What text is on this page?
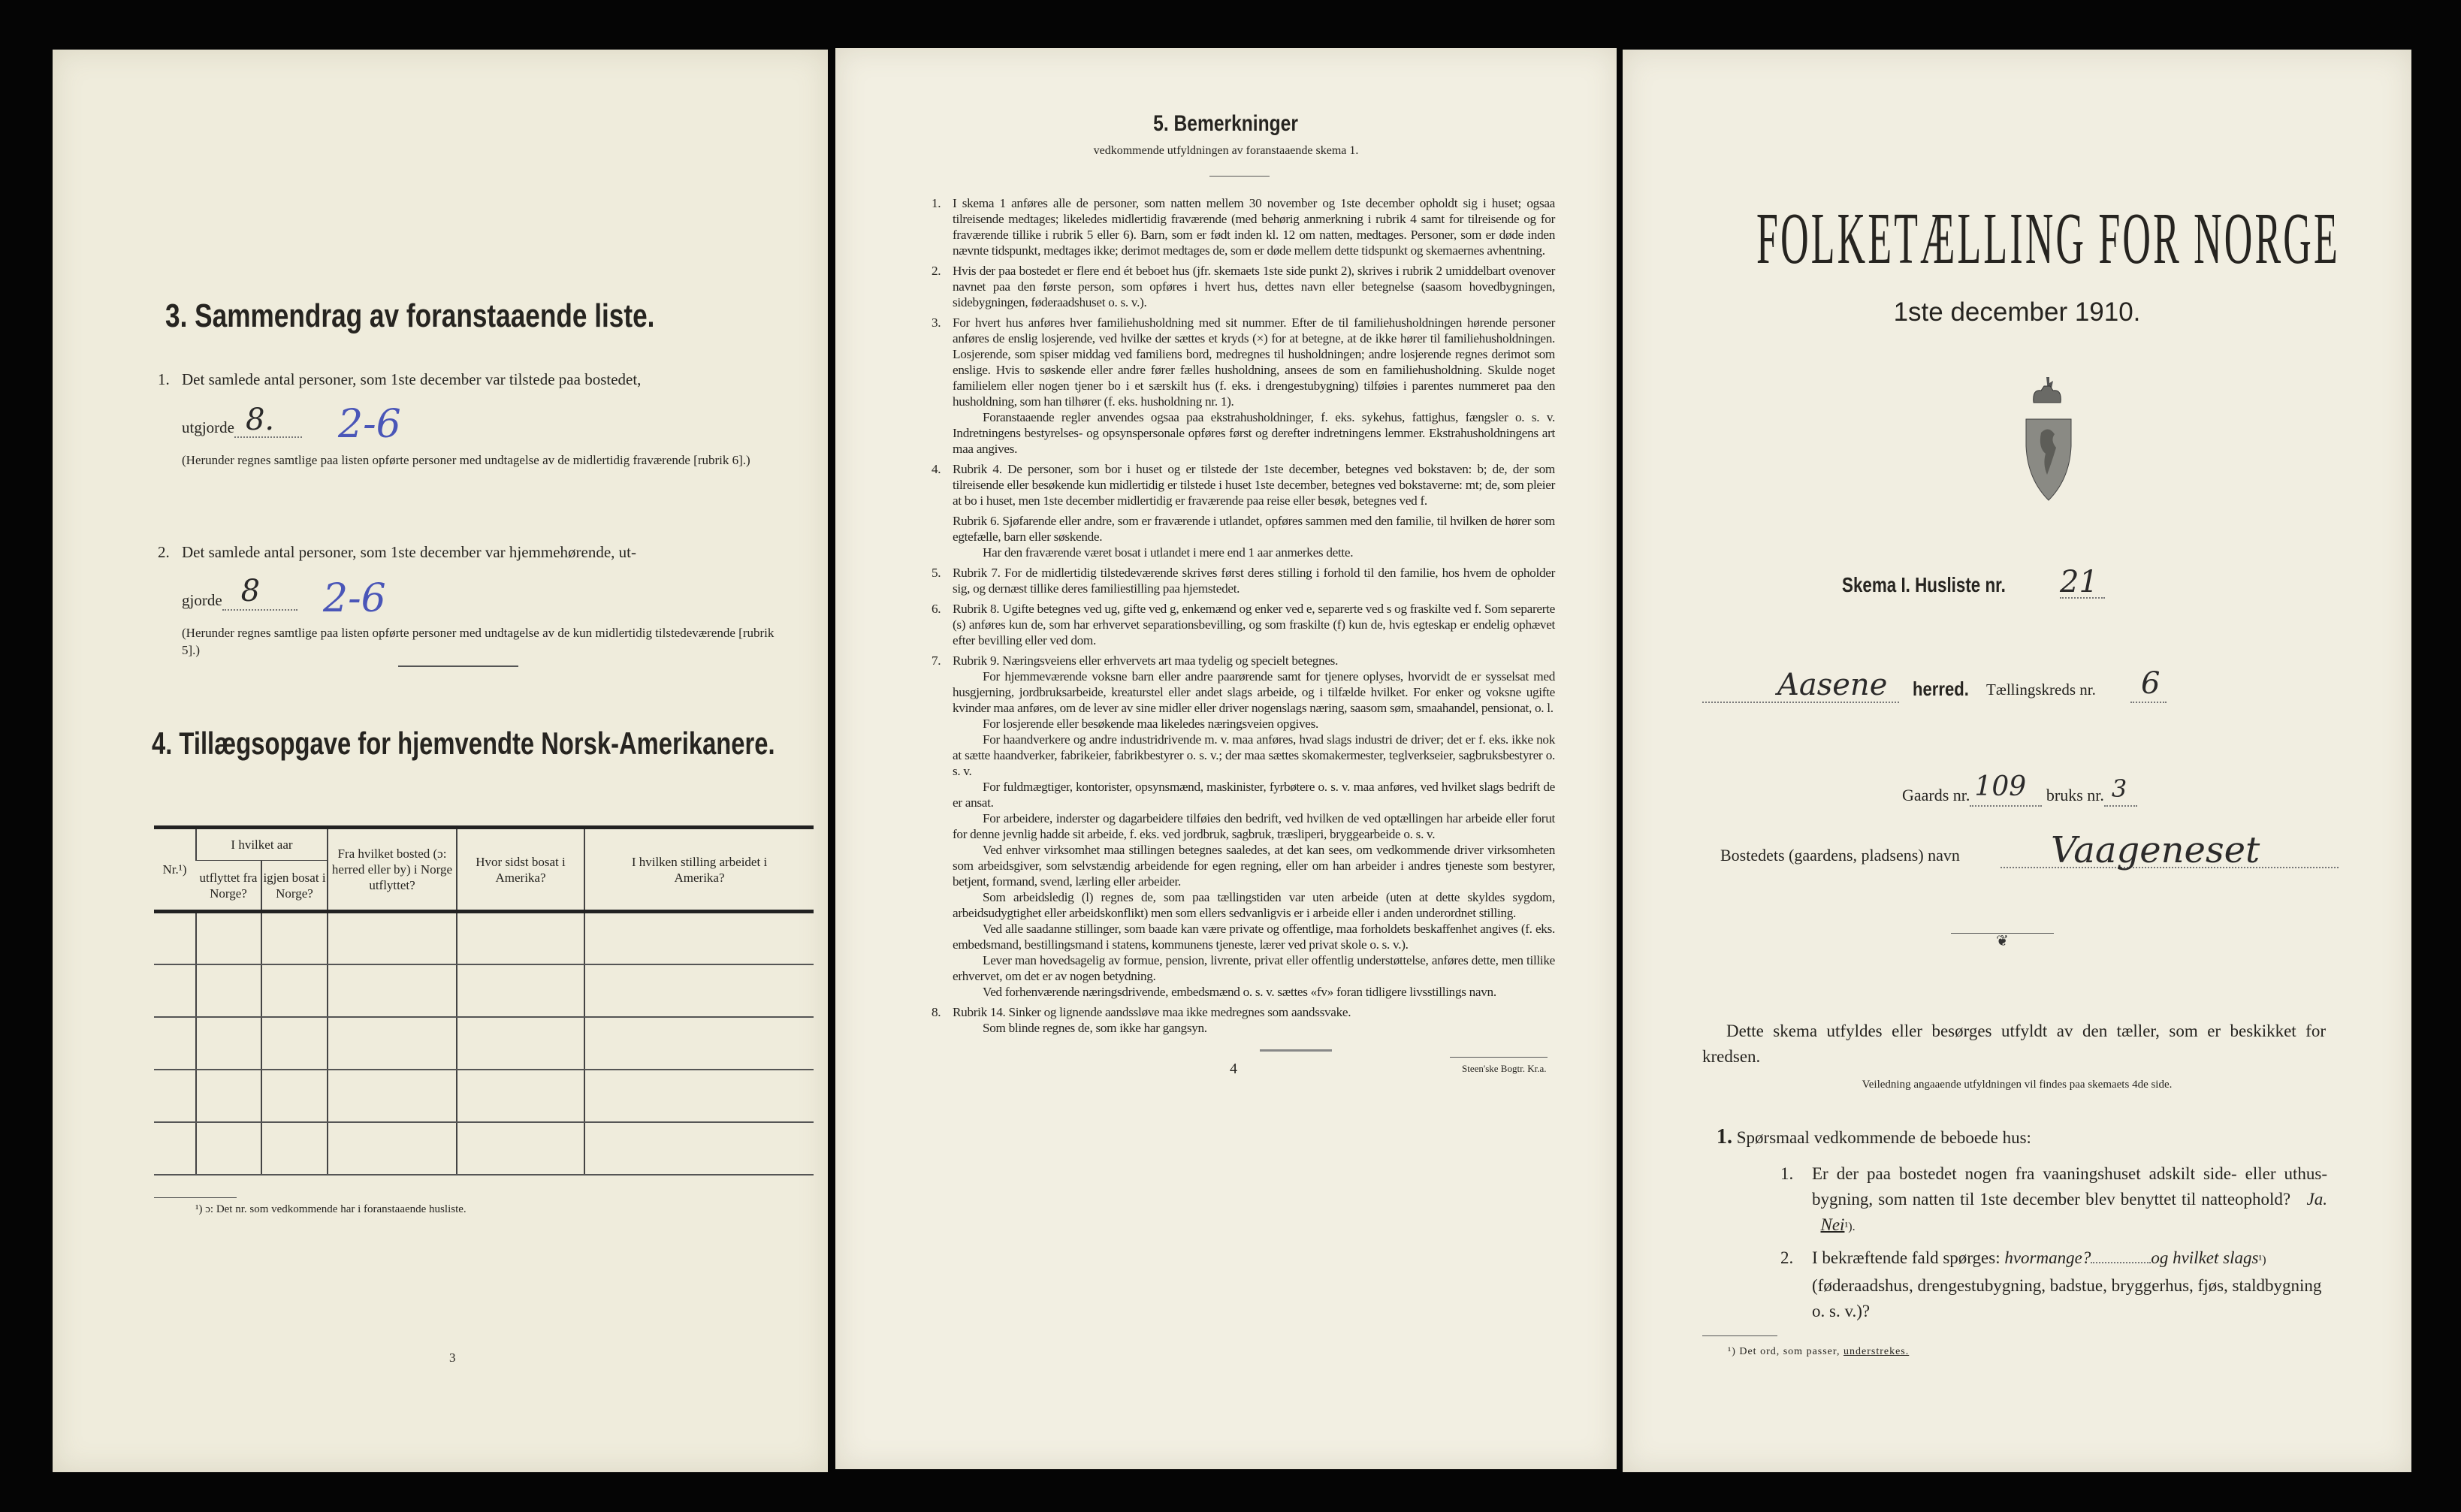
3. Sammendrag av foranstaaende liste.
1. Det samlede antal personer, som 1ste december var tilstede paa bostedet,
utgjorde 8. 2-6
(Herunder regnes samtlige paa listen opførte personer med undtagelse av de midlertidig fraværende [rubrik 6].)
2. Det samlede antal personer, som 1ste december var hjemmehørende, ut-
gjorde 8 2-6
(Herunder regnes samtlige paa listen opførte personer med undtagelse av de kun midlertidig tilstedeværende [rubrik 5].)
4. Tillægsopgave for hjemvendte Norsk-Amerikanere.
Nr.¹)	I hvilket aar		Fra hvilket bosted (ɔ: herred eller by) i Norge utflyttet?	Hvor sidst bosat i Amerika?	I hvilken stilling arbeidet i Amerika?
	utflyttet fra Norge?	igjen bosat i Norge?			

¹) ɔ: Det nr. som vedkommende har i foranstaaende husliste.
3
5. Bemerkninger
vedkommende utfyldningen av foranstaaende skema 1.
1. I skema 1 anføres alle de personer, som natten mellem 30 november og 1ste december opholdt sig i huset; ogsaa tilreisende medtages; likeledes midlertidig fraværende (med behørig anmerkning i rubrik 4 samt for tilreisende og for fraværende tillike i rubrik 5 eller 6). Barn, som er født inden kl. 12 om natten, medtages. Personer, som er døde inden nævnte tidspunkt, medtages ikke; derimot medtages de, som er døde mellem dette tidspunkt og skemaernes avhentning.

2. Hvis der paa bostedet er flere end ét beboet hus (jfr. skemaets 1ste side punkt 2), skrives i rubrik 2 umiddelbart ovenover navnet paa den første person, som opføres i hvert hus, dettes navn eller betegnelse (saasom hovedbygningen, sidebygningen, føderaadshuset o. s. v.).

3. For hvert hus anføres hver familiehusholdning med sit nummer. Efter de til familiehusholdningen hørende personer anføres de enslig losjerende, ved hvilke der sættes et kryds (×) for at betegne, at de ikke hører til familiehusholdningen. Losjerende, som spiser middag ved familiens bord, medregnes til husholdningen; andre losjerende regnes derimot som enslige. Hvis to søskende eller andre fører fælles husholdning, ansees de som en familiehusholdning. Skulde noget familielem eller nogen tjener bo i et særskilt hus (f. eks. i drengestubygning) tilføies i parentes nummeret paa den husholdning, som han tilhører (f. eks. husholdning nr. 1).

Foranstaaende regler anvendes ogsaa paa ekstrahusholdninger, f. eks. sykehus, fattighus, fængsler o. s. v. Indretningens bestyrelses- og opsynspersonale opføres først og derefter indretningens lemmer. Ekstrahusholdningens art maa angives.

4. Rubrik 4. De personer, som bor i huset og er tilstede der 1ste december, betegnes ved bokstaven: b; de, der som tilreisende eller besøkende kun midlertidig er tilstede i huset 1ste december, betegnes ved bokstaverne: mt; de, som pleier at bo i huset, men 1ste december midlertidig er fraværende paa reise eller besøk, betegnes ved f.

Rubrik 6. Sjøfarende eller andre, som er fraværende i utlandet, opføres sammen med den familie, til hvilken de hører som egtefælle, barn eller søskende.

Har den fraværende været bosat i utlandet i mere end 1 aar anmerkes dette.

5. Rubrik 7. For de midlertidig tilstedeværende skrives først deres stilling i forhold til den familie, hos hvem de opholder sig, og dernæst tillike deres familiestilling paa hjemstedet.

6. Rubrik 8. Ugifte betegnes ved ug, gifte ved g, enkemænd og enker ved e, separerte ved s og fraskilte ved f. Som separerte (s) anføres kun de, som har erhvervet separationsbevilling, og som fraskilte (f) kun de, hvis egteskap er endelig ophævet efter bevilling eller ved dom.

7. Rubrik 9. Næringsveiens eller erhvervets art maa tydelig og specielt betegnes.

For hjemmeværende voksne barn eller andre paarørende samt for tjenere oplyses, hvorvidt de er sysselsat med husgjerning, jordbruksarbeide, kreaturstel eller andet slags arbeide, og i tilfælde hvilket. For enker og voksne ugifte kvinder maa anføres, om de lever av sine midler eller driver nogenslags næring, saasom søm, smaahandel, pensionat, o. l.

For losjerende eller besøkende maa likeledes næringsveien opgives.

For haandverkere og andre industridrivende m. v. maa anføres, hvad slags industri de driver; det er f. eks. ikke nok at sætte haandverker, fabrikeier, fabrikbestyrer o. s. v.; der maa sættes skomakermester, teglverkseier, sagbruksbestyrer o. s. v.

For fuldmægtiger, kontorister, opsynsmænd, maskinister, fyrbøtere o. s. v. maa anføres, ved hvilket slags bedrift de er ansat.

For arbeidere, inderster og dagarbeidere tilføies den bedrift, ved hvilken de ved optællingen har arbeide eller forut for denne jevnlig hadde sit arbeide, f. eks. ved jordbruk, sagbruk, træsliperi, bryggearbeide o. s. v.

Ved enhver virksomhet maa stillingen betegnes saaledes, at det kan sees, om vedkommende driver virksomheten som arbeidsgiver, som selvstændig arbeidende for egen regning, eller om han arbeider i andres tjeneste som bestyrer, betjent, formand, svend, lærling eller arbeider.

Som arbeidsledig (l) regnes de, som paa tællingstiden var uten arbeide (uten at dette skyldes sygdom, arbeidsudygtighet eller arbeidskonflikt) men som ellers sedvanligvis er i arbeide eller i anden underordnet stilling.

Ved alle saadanne stillinger, som baade kan være private og offentlige, maa forholdets beskaffenhet angives (f. eks. embedsmand, bestillingsmand i statens, kommunens tjeneste, lærer ved privat skole o. s. v.).

Lever man hovedsagelig av formue, pension, livrente, privat eller offentlig understøttelse, anføres dette, men tillike erhvervet, om det er av nogen betydning.

Ved forhenværende næringsdrivende, embedsmænd o. s. v. sættes «fv» foran tidligere livsstillings navn.

8. Rubrik 14. Sinker og lignende aandssløve maa ikke medregnes som aandssvake.

Som blinde regnes de, som ikke har gangsyn.

4	Steen'ske Bogtr. Kr.a.
FOLKETÆLLING FOR NORGE
1ste december 1910.
Skema I. Husliste nr. 21
Aasene herred. Tællingskreds nr. 6
Gaards nr. 109 bruks nr. 3

Bostedets (gaardens, pladsens) navn	Vaageneset
❦
Dette skema utfyldes eller besørges utfyldt av den tæller, som er beskikket for kredsen.
Veiledning angaaende utfyldningen vil findes paa skemaets 4de side.
1. Spørsmaal vedkommende de beboede hus:
1. Er der paa bostedet nogen fra vaaningshuset adskilt side- eller uthus-bygning, som natten til 1ste december blev benyttet til natteophold? Ja.   Nei¹).
2. I bekræftende fald spørges: hvormange?	og hvilket slags¹) (føderaadshus, drengestubygning, badstue, bryggerhus, fjøs, staldbygning o. s. v.)?
¹) Det ord, som passer, understrekes.
